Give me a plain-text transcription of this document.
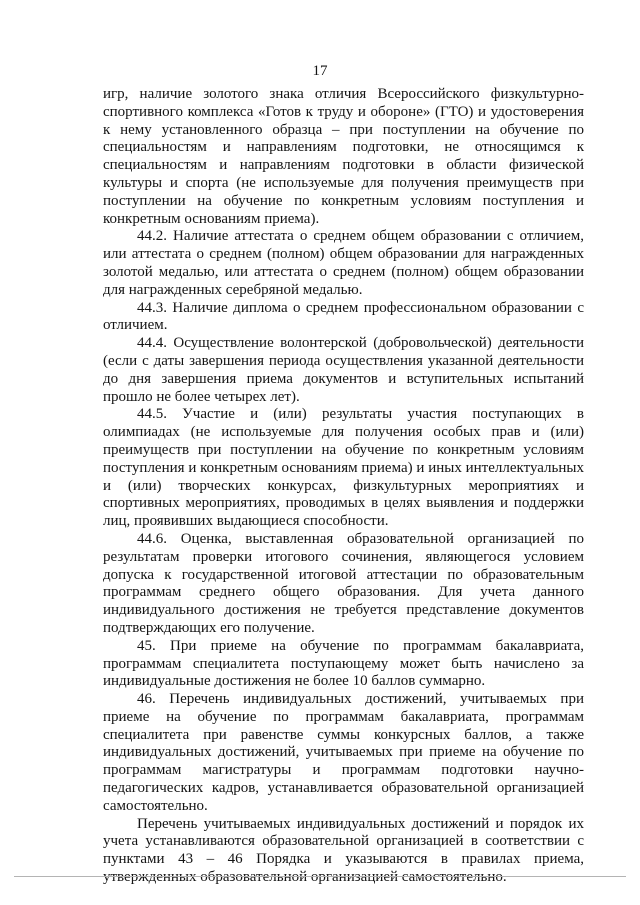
17

игр, наличие золотого знака отличия Всероссийского физкультурно-спортивного комплекса «Готов к труду и обороне» (ГТО) и удостоверения к нему установленного образца – при поступлении на обучение по специальностям и направлениям подготовки, не относящимся к специальностям и направлениям подготовки в области физической культуры и спорта (не используемые для получения преимуществ при поступлении на обучение по конкретным условиям поступления и конкретным основаниям приема).

44.2. Наличие аттестата о среднем общем образовании с отличием, или аттестата о среднем (полном) общем образовании для награжденных золотой медалью, или аттестата о среднем (полном) общем образовании для награжденных серебряной медалью.

44.3. Наличие диплома о среднем профессиональном образовании с отличием.

44.4. Осуществление волонтерской (добровольческой) деятельности (если с даты завершения периода осуществления указанной деятельности до дня завершения приема документов и вступительных испытаний прошло не более четырех лет).

44.5. Участие и (или) результаты участия поступающих в олимпиадах (не используемые для получения особых прав и (или) преимуществ при поступлении на обучение по конкретным условиям поступления и конкретным основаниям приема) и иных интеллектуальных и (или) творческих конкурсах, физкультурных мероприятиях и спортивных мероприятиях, проводимых в целях выявления и поддержки лиц, проявивших выдающиеся способности.

44.6. Оценка, выставленная образовательной организацией по результатам проверки итогового сочинения, являющегося условием допуска к государственной итоговой аттестации по образовательным программам среднего общего образования. Для учета данного индивидуального достижения не требуется представление документов подтверждающих его получение.

45. При приеме на обучение по программам бакалавриата, программам специалитета поступающему может быть начислено за индивидуальные достижения не более 10 баллов суммарно.

46. Перечень индивидуальных достижений, учитываемых при приеме на обучение по программам бакалавриата, программам специалитета при равенстве суммы конкурсных баллов, а также индивидуальных достижений, учитываемых при приеме на обучение по программам магистратуры и программам подготовки научно-педагогических кадров, устанавливается образовательной организацией самостоятельно.

Перечень учитываемых индивидуальных достижений и порядок их учета устанавливаются образовательной организацией в соответствии с пунктами 43 – 46 Порядка и указываются в правилах приема, утвержденных образовательной организацией самостоятельно.
